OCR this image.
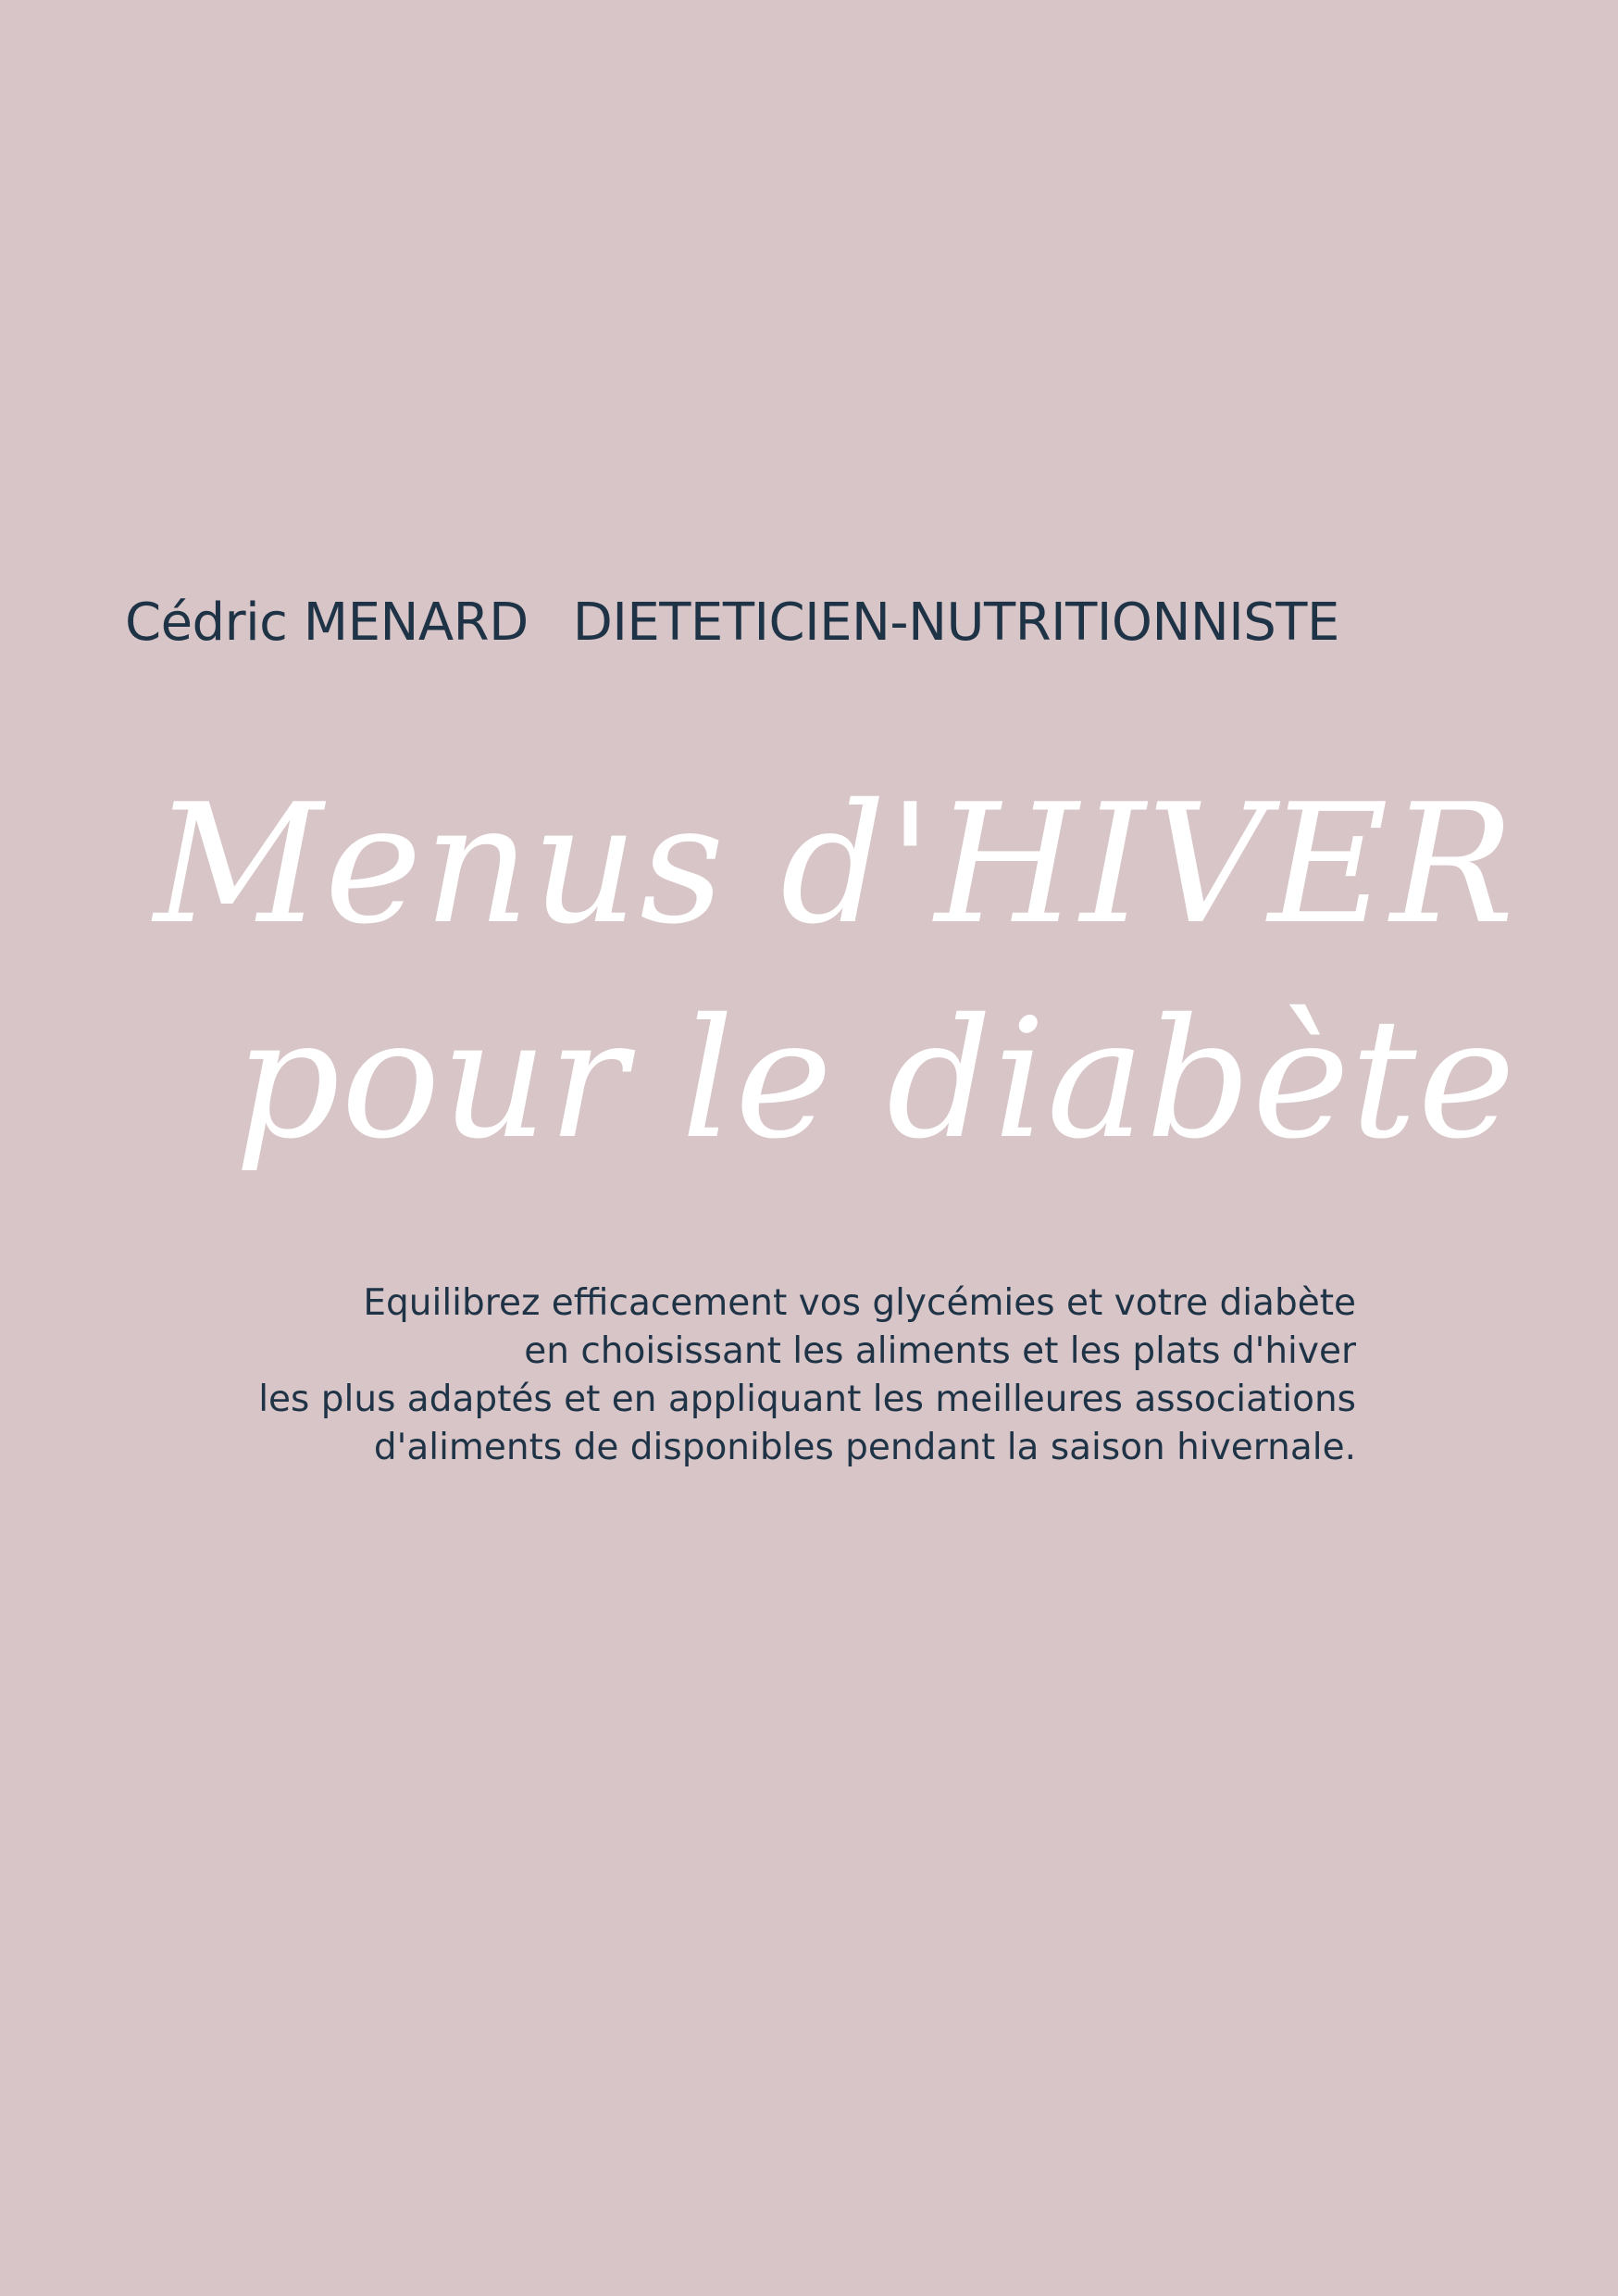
Cédric MENARD DIETETICIEN-NUTRITIONNISTE
Menus d'HIVER
pour le diabète
Equilibrez efficacement vos glycémies et votre diabète
en choisissant les aliments et les plats d'hiver
les plus adaptés et en appliquant les meilleures associations
d'aliments de disponibles pendant la saison hivernale.
